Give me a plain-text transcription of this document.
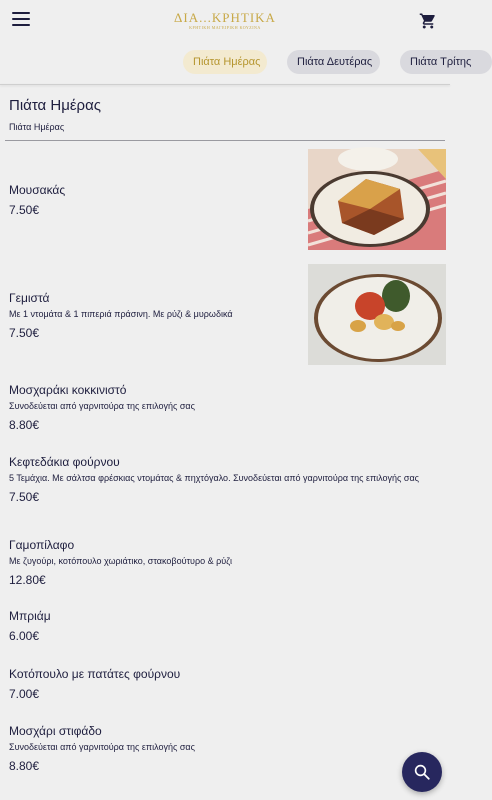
ΔΙΑ...ΚΡΗΤΙΚΑ
ΚΡΗΤΙΚΗ ΜΑΓΕΙΡΙΚΗ ΚΟΥΖΙΝΑ
Πιάτα Ημέρας	Πιάτα Δευτέρας	Πιάτα Τρίτης
Πιάτα Ημέρας
Πιάτα Ημέρας
Μουσακάς
7.50€
Γεμιστά
Με 1 ντομάτα & 1 πιπεριά πράσινη. Με ρύζι & μυρωδικά
7.50€
Μοσχαράκι κοκκινιστό
Συνοδεύεται από γαρνιτούρα της επιλογής σας
8.80€
Κεφτεδάκια φούρνου
5 Τεμάχια. Με σάλτσα φρέσκιας ντομάτας & πηχτόγαλο. Συνοδεύεται από γαρνιτούρα της επιλογής σας
7.50€
Γαμοπίλαφο
Με ζυγούρι, κοτόπουλο χωριάτικο, στακοβούτυρο & ρύζι
12.80€
Μπριάμ
6.00€
Κοτόπουλο με πατάτες φούρνου
7.00€
Μοσχάρι στιφάδο
Συνοδεύεται από γαρνιτούρα της επιλογής σας
8.80€
